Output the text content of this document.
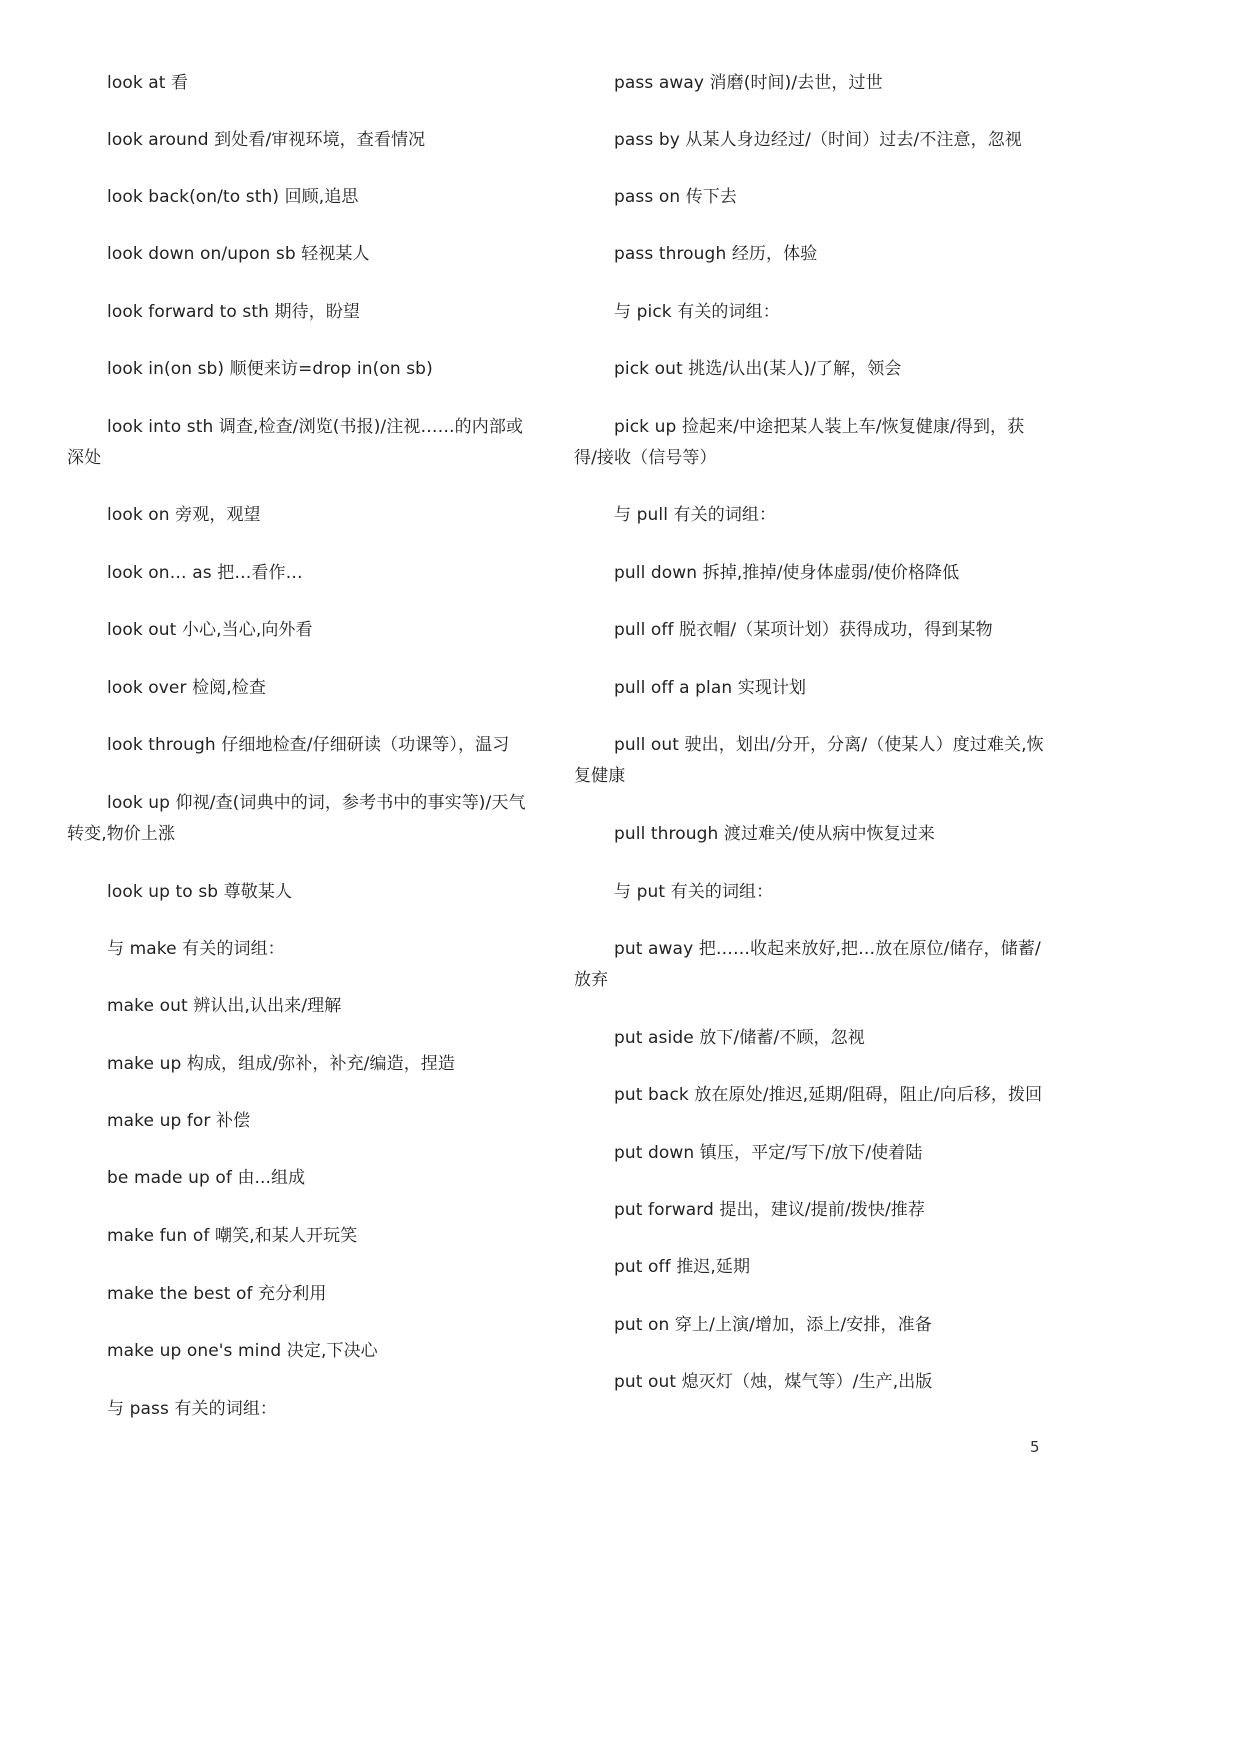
look at 看
look around 到处看/审视环境，查看情况
look back(on/to sth) 回顾,追思
look down on/upon sb 轻视某人
look forward to sth 期待，盼望
look in(on sb) 顺便来访=drop in(on sb)
look into sth 调查,检查/浏览(书报)/注视……的内部或深处
look on 旁观，观望
look on… as 把…看作…
look out 小心,当心,向外看
look over 检阅,检查
look through 仔细地检查/仔细研读（功课等），温习
look up 仰视/查(词典中的词，参考书中的事实等)/天气转变,物价上涨
look up to sb 尊敬某人
与 make 有关的词组：
make out 辨认出,认出来/理解
make up 构成，组成/弥补，补充/编造，捏造
make up for 补偿
be made up of 由...组成
make fun of 嘲笑,和某人开玩笑
make the best of 充分利用
make up one's mind 决定,下决心
与 pass 有关的词组：
pass away 消磨(时间)/去世，过世
pass by 从某人身边经过/（时间）过去/不注意，忽视
pass on 传下去
pass through 经历，体验
与 pick 有关的词组：
pick out 挑选/认出(某人)/了解，领会
pick up 捡起来/中途把某人装上车/恢复健康/得到，获得/接收（信号等）
与 pull 有关的词组：
pull down 拆掉,推掉/使身体虚弱/使价格降低
pull off 脱衣帽/（某项计划）获得成功，得到某物
pull off a plan 实现计划
pull out 驶出，划出/分开，分离/（使某人）度过难关,恢复健康
pull through 渡过难关/使从病中恢复过来
与 put 有关的词组：
put away 把……收起来放好,把…放在原位/储存，储蓄/放弃
put aside 放下/储蓄/不顾，忽视
put back 放在原处/推迟,延期/阻碍，阻止/向后移，拨回
put down 镇压，平定/写下/放下/使着陆
put forward 提出，建议/提前/拨快/推荐
put off 推迟,延期
put on 穿上/上演/增加，添上/安排，准备
put out 熄灭灯（烛，煤气等）/生产,出版
5
